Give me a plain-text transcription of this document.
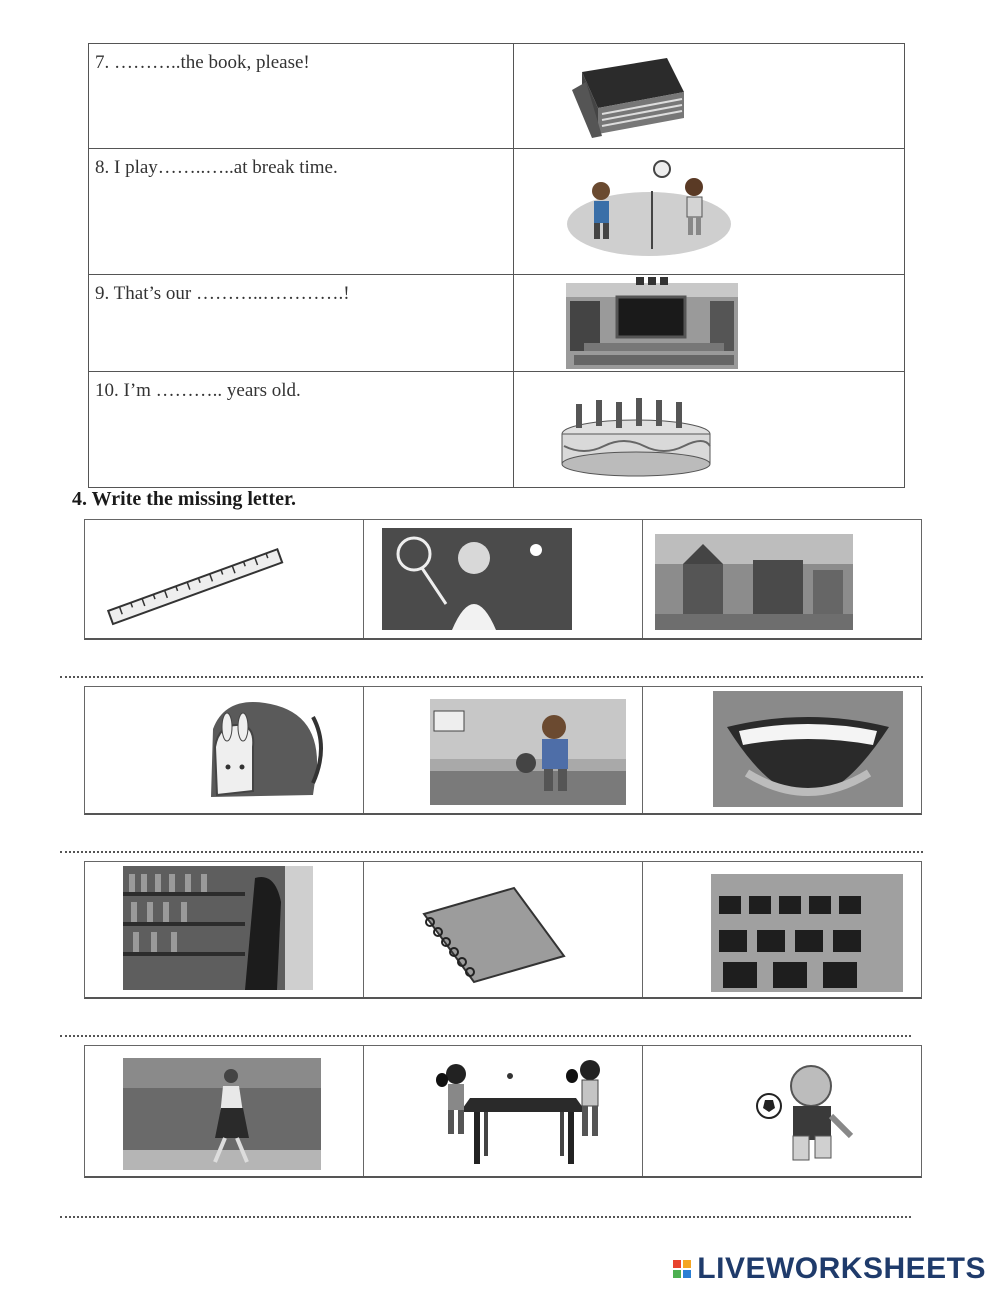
7. ………..the book, please!	

8. I play……..…..at break time.	

9. That’s our ………..………….!	

10. I’m ……….. years old.	
4. Write the missing letter.
LIVEWORKSHEETS
